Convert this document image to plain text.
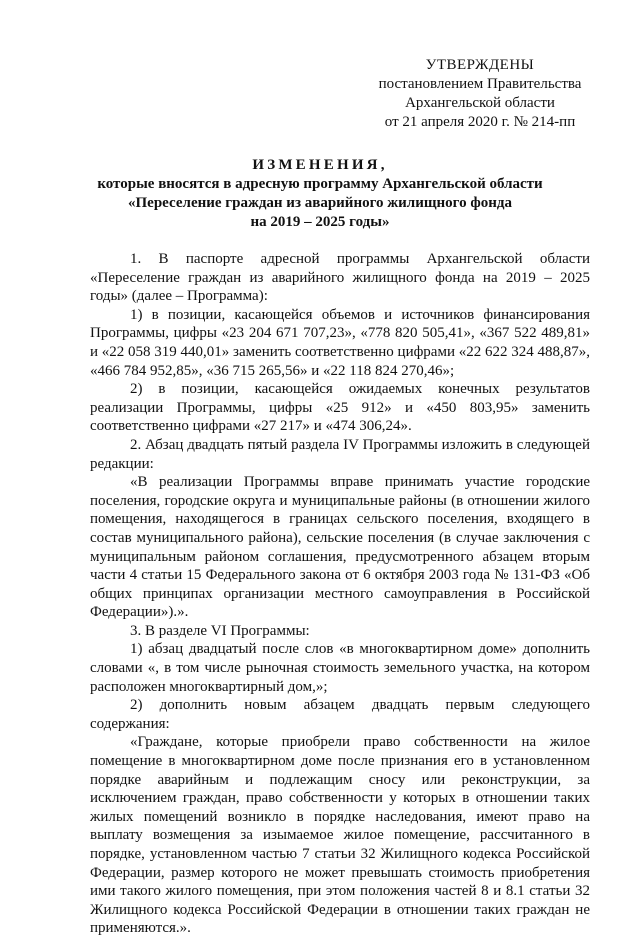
УТВЕРЖДЕНЫ
постановлением Правительства
Архангельской области
от 21 апреля 2020 г. № 214-пп
ИЗМЕНЕНИЯ,
которые вносятся в адресную программу Архангельской области
«Переселение граждан из аварийного жилищного фонда
на 2019 – 2025 годы»

1. В паспорте адресной программы Архангельской области «Переселение граждан из аварийного жилищного фонда на 2019 – 2025 годы» (далее – Программа):

1) в позиции, касающейся объемов и источников финансирования Программы, цифры «23 204 671 707,23», «778 820 505,41», «367 522 489,81» и «22 058 319 440,01» заменить соответственно цифрами «22 622 324 488,87», «466 784 952,85», «36 715 265,56» и «22 118 824 270,46»;

2) в позиции, касающейся ожидаемых конечных результатов реализации Программы, цифры «25 912» и «450 803,95» заменить соответственно цифрами «27 217» и «474 306,24».

2. Абзац двадцать пятый раздела IV Программы изложить в следующей редакции:

«В реализации Программы вправе принимать участие городские поселения, городские округа и муниципальные районы (в отношении жилого помещения, находящегося в границах сельского поселения, входящего в состав муниципального района), сельские поселения (в случае заключения с муниципальным районом соглашения, предусмотренного абзацем вторым части 4 статьи 15 Федерального закона от 6 октября 2003 года № 131-ФЗ «Об общих принципах организации местного самоуправления в Российской Федерации»).».

3. В разделе VI Программы:

1) абзац двадцатый после слов «в многоквартирном доме» дополнить словами «, в том числе рыночная стоимость земельного участка, на котором расположен многоквартирный дом,»;

2) дополнить новым абзацем двадцать первым следующего содержания:

«Граждане, которые приобрели право собственности на жилое помещение в многоквартирном доме после признания его в установленном порядке аварийным и подлежащим сносу или реконструкции, за исключением граждан, право собственности у которых в отношении таких жилых помещений возникло в порядке наследования, имеют право на выплату возмещения за изымаемое жилое помещение, рассчитанного в порядке, установленном частью 7 статьи 32 Жилищного кодекса Российской Федерации, размер которого не может превышать стоимость приобретения ими такого жилого помещения, при этом положения частей 8 и 8.1 статьи 32 Жилищного кодекса Российской Федерации в отношении таких граждан не применяются.».
